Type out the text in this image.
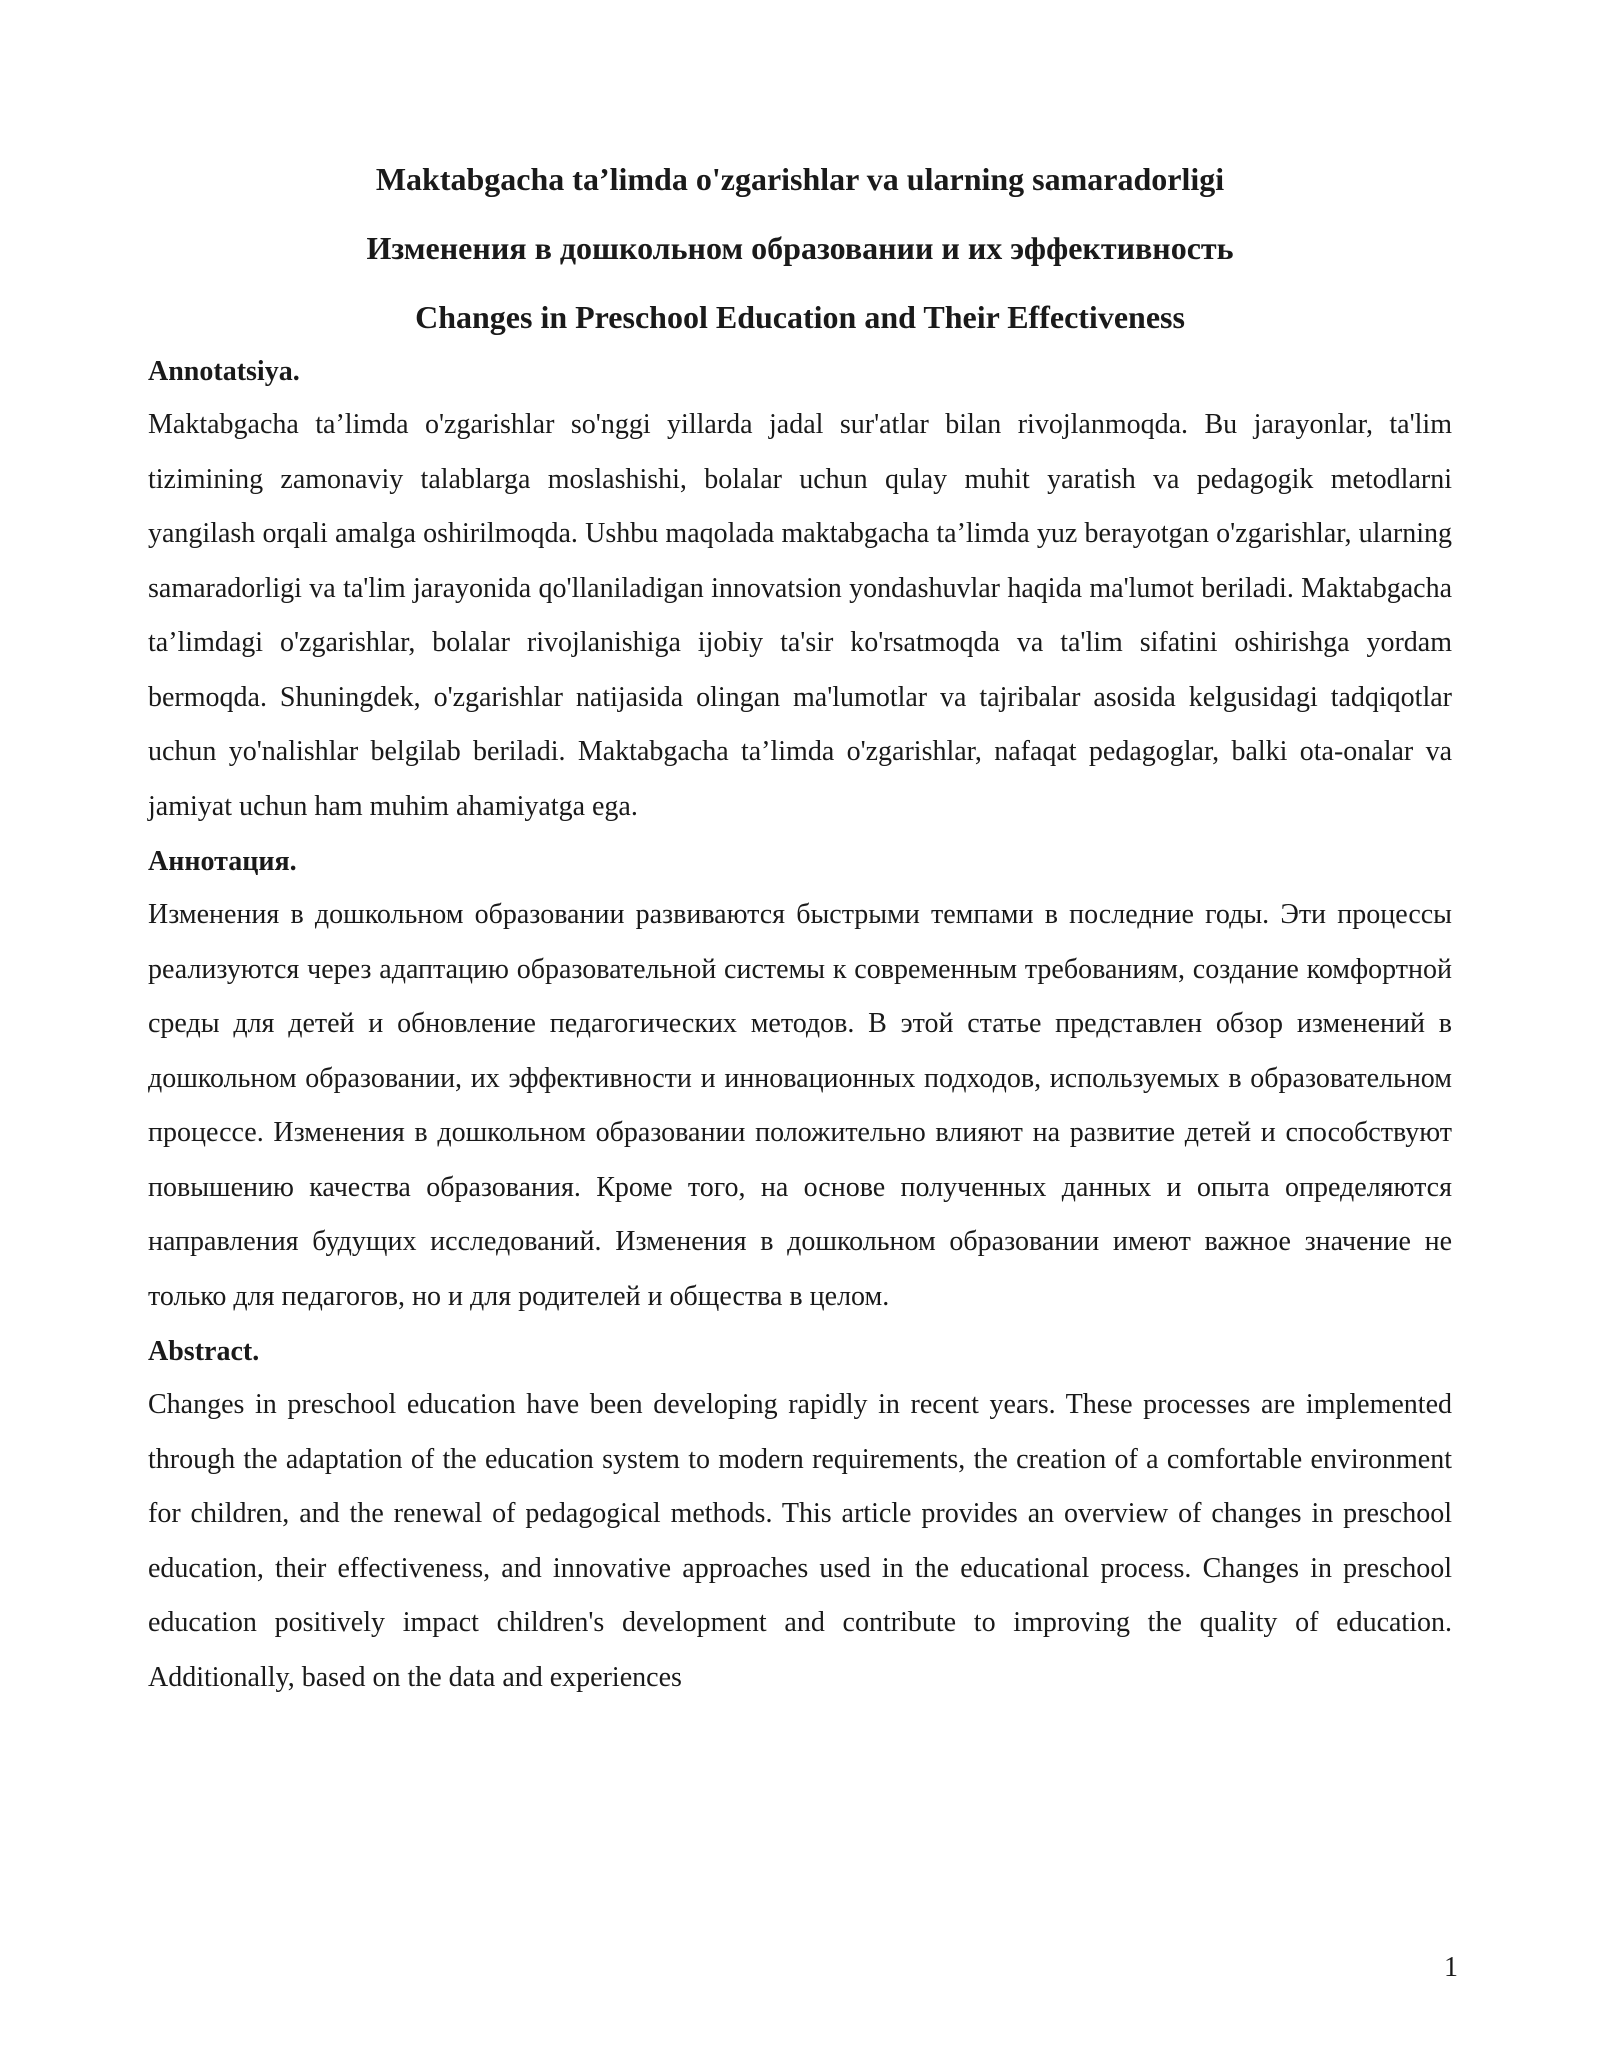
Maktabgacha ta’limda o'zgarishlar va ularning samaradorligi

Изменения в дошкольном образовании и их эффективность

Changes in Preschool Education and Their Effectiveness

Annotatsiya.

Maktabgacha ta’limda o'zgarishlar so'nggi yillarda jadal sur'atlar bilan rivojlanmoqda. Bu jarayonlar, ta'lim tizimining zamonaviy talablarga moslashishi, bolalar uchun qulay muhit yaratish va pedagogik metodlarni yangilash orqali amalga oshirilmoqda. Ushbu maqolada maktabgacha ta’limda yuz berayotgan o'zgarishlar, ularning samaradorligi va ta'lim jarayonida qo'llaniladigan innovatsion yondashuvlar haqida ma'lumot beriladi. Maktabgacha ta’limdagi o'zgarishlar, bolalar rivojlanishiga ijobiy ta'sir ko'rsatmoqda va ta'lim sifatini oshirishga yordam bermoqda. Shuningdek, o'zgarishlar natijasida olingan ma'lumotlar va tajribalar asosida kelgusidagi tadqiqotlar uchun yo'nalishlar belgilab beriladi. Maktabgacha ta’limda o'zgarishlar, nafaqat pedagoglar, balki ota-onalar va jamiyat uchun ham muhim ahamiyatga ega.

Аннотация.

Изменения в дошкольном образовании развиваются быстрыми темпами в последние годы. Эти процессы реализуются через адаптацию образовательной системы к современным требованиям, создание комфортной среды для детей и обновление педагогических методов. В этой статье представлен обзор изменений в дошкольном образовании, их эффективности и инновационных подходов, используемых в образовательном процессе. Изменения в дошкольном образовании положительно влияют на развитие детей и способствуют повышению качества образования. Кроме того, на основе полученных данных и опыта определяются направления будущих исследований. Изменения в дошкольном образовании имеют важное значение не только для педагогов, но и для родителей и общества в целом.

Abstract.

Changes in preschool education have been developing rapidly in recent years. These processes are implemented through the adaptation of the education system to modern requirements, the creation of a comfortable environment for children, and the renewal of pedagogical methods. This article provides an overview of changes in preschool education, their effectiveness, and innovative approaches used in the educational process. Changes in preschool education positively impact children's development and contribute to improving the quality of education. Additionally, based on the data and experiences

1
